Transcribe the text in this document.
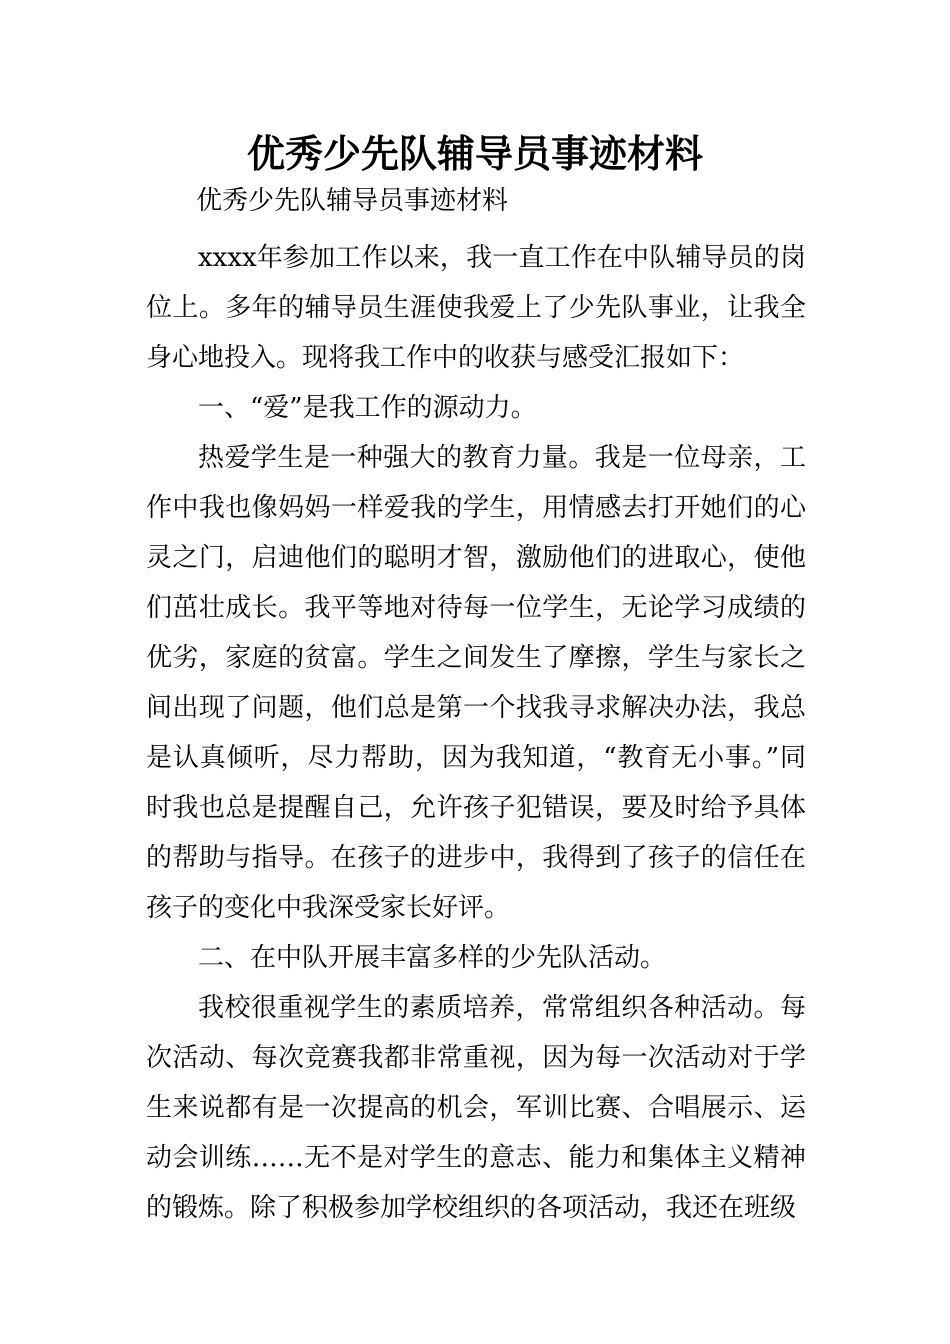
优秀少先队辅导员事迹材料

优秀少先队辅导员事迹材料

xxxx年参加工作以来，我一直工作在中队辅导员的岗位上。多年的辅导员生涯使我爱上了少先队事业，让我全身心地投入。现将我工作中的收获与感受汇报如下：

一、“爱”是我工作的源动力。

热爱学生是一种强大的教育力量。我是一位母亲，工作中我也像妈妈一样爱我的学生，用情感去打开她们的心灵之门，启迪他们的聪明才智，激励他们的进取心，使他们茁壮成长。我平等地对待每一位学生，无论学习成绩的优劣，家庭的贫富。学生之间发生了摩擦，学生与家长之间出现了问题，他们总是第一个找我寻求解决办法，我总是认真倾听，尽力帮助，因为我知道，“教育无小事。”同时我也总是提醒自己，允许孩子犯错误，要及时给予具体的帮助与指导。在孩子的进步中，我得到了孩子的信任在孩子的变化中我深受家长好评。

二、在中队开展丰富多样的少先队活动。

我校很重视学生的素质培养，常常组织各种活动。每次活动、每次竞赛我都非常重视，因为每一次活动对于学生来说都有是一次提高的机会，军训比赛、合唱展示、运动会训练……无不是对学生的意志、能力和集体主义精神的锻炼。除了积极参加学校组织的各项活动，我还在班级
